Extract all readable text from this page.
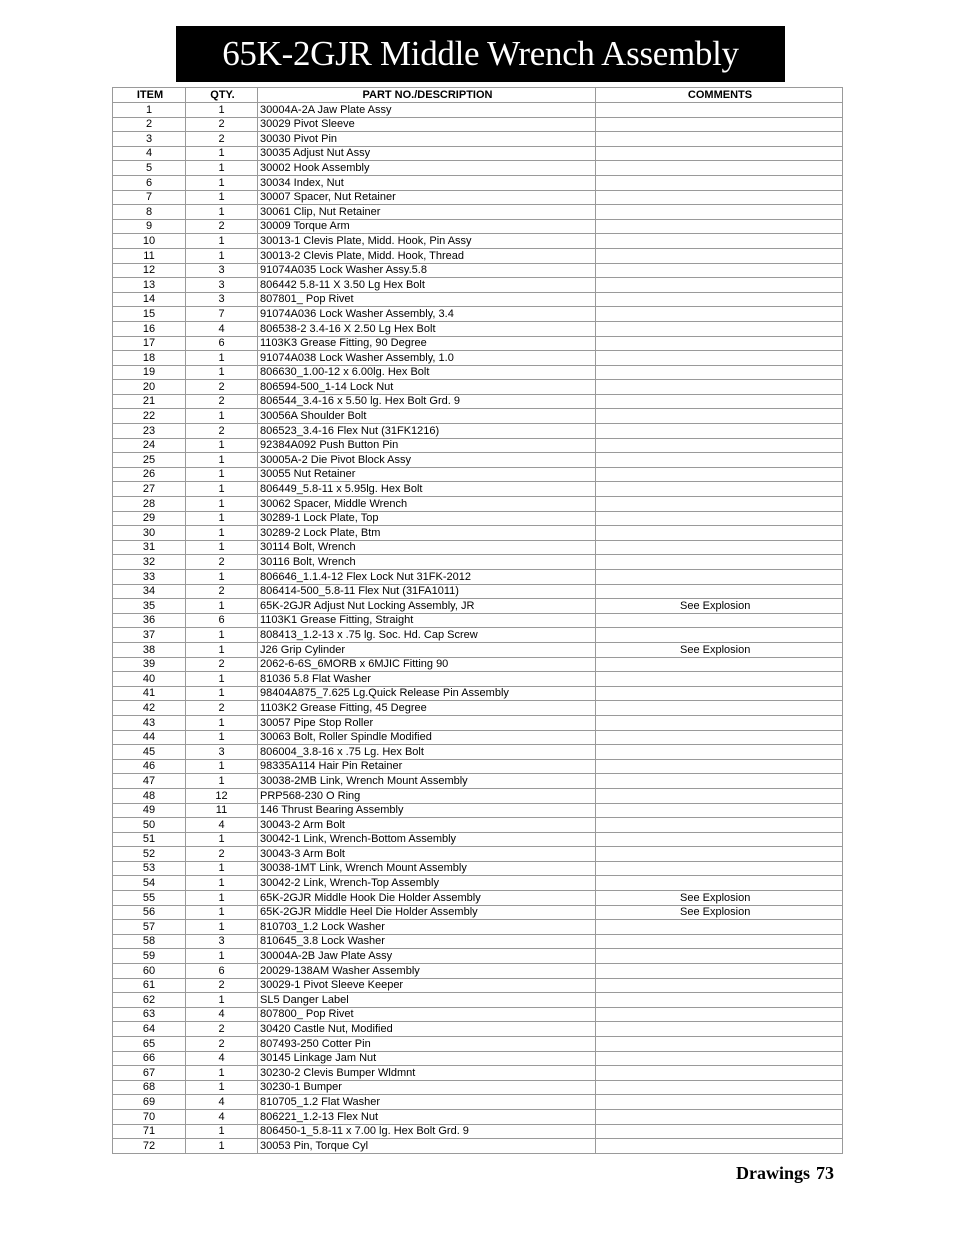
65K-2GJR Middle Wrench Assembly
ITEM	QTY.	PART NO./DESCRIPTION	COMMENTS
1	1	30004A-2A Jaw Plate Assy	
2	2	30029 Pivot Sleeve	
3	2	30030 Pivot Pin	
4	1	30035 Adjust Nut Assy	
5	1	30002 Hook Assembly	
6	1	30034 Index, Nut	
7	1	30007 Spacer, Nut Retainer	
8	1	30061 Clip, Nut Retainer	
9	2	30009 Torque Arm	
10	1	30013-1 Clevis Plate, Midd. Hook, Pin Assy	
11	1	30013-2 Clevis Plate, Midd. Hook, Thread	
12	3	91074A035 Lock Washer Assy.5.8	
13	3	806442 5.8-11 X 3.50 Lg Hex Bolt	
14	3	807801_ Pop Rivet	
15	7	91074A036 Lock Washer Assembly, 3.4	
16	4	806538-2 3.4-16 X 2.50 Lg Hex Bolt	
17	6	1103K3 Grease Fitting, 90 Degree	
18	1	91074A038 Lock Washer Assembly, 1.0	
19	1	806630_1.00-12 x 6.00lg. Hex Bolt	
20	2	806594-500_1-14 Lock Nut	
21	2	806544_3.4-16 x 5.50 lg. Hex Bolt Grd. 9	
22	1	30056A Shoulder Bolt	
23	2	806523_3.4-16 Flex Nut (31FK1216)	
24	1	92384A092 Push Button Pin	
25	1	30005A-2 Die Pivot Block Assy	
26	1	30055 Nut Retainer	
27	1	806449_5.8-11 x 5.95lg. Hex Bolt	
28	1	30062 Spacer, Middle Wrench	
29	1	30289-1 Lock Plate, Top	
30	1	30289-2 Lock Plate, Btm	
31	1	30114 Bolt, Wrench	
32	2	30116 Bolt, Wrench	
33	1	806646_1.1.4-12 Flex Lock Nut 31FK-2012	
34	2	806414-500_5.8-11 Flex Nut (31FA1011)	
35	1	65K-2GJR Adjust Nut Locking Assembly, JR	See Explosion
36	6	1103K1 Grease Fitting, Straight	
37	1	808413_1.2-13 x .75 lg. Soc. Hd. Cap Screw	
38	1	J26 Grip Cylinder	See Explosion
39	2	2062-6-6S_6MORB x 6MJIC Fitting 90	
40	1	81036 5.8 Flat Washer	
41	1	98404A875_7.625 Lg.Quick Release Pin Assembly	
42	2	1103K2 Grease Fitting, 45 Degree	
43	1	30057 Pipe Stop Roller	
44	1	30063 Bolt, Roller Spindle Modified	
45	3	806004_3.8-16 x .75 Lg. Hex Bolt	
46	1	98335A114 Hair Pin Retainer	
47	1	30038-2MB Link, Wrench Mount Assembly	
48	12	PRP568-230 O Ring	
49	11	146 Thrust Bearing Assembly	
50	4	30043-2 Arm Bolt	
51	1	30042-1 Link, Wrench-Bottom Assembly	
52	2	30043-3 Arm Bolt	
53	1	30038-1MT Link, Wrench Mount Assembly	
54	1	30042-2 Link, Wrench-Top Assembly	
55	1	65K-2GJR Middle Hook Die Holder Assembly	See Explosion
56	1	65K-2GJR Middle Heel Die Holder Assembly	See Explosion
57	1	810703_1.2 Lock Washer	
58	3	810645_3.8 Lock Washer	
59	1	30004A-2B Jaw Plate Assy	
60	6	20029-138AM Washer Assembly	
61	2	30029-1 Pivot Sleeve Keeper	
62	1	SL5 Danger Label	
63	4	807800_ Pop Rivet	
64	2	30420 Castle Nut, Modified	
65	2	807493-250 Cotter Pin	
66	4	30145 Linkage Jam Nut	
67	1	30230-2 Clevis Bumper Wldmnt	
68	1	30230-1 Bumper	
69	4	810705_1.2 Flat Washer	
70	4	806221_1.2-13 Flex Nut	
71	1	806450-1_5.8-11 x 7.00 lg. Hex Bolt Grd. 9	
72	1	30053 Pin, Torque Cyl	
Drawings 73
